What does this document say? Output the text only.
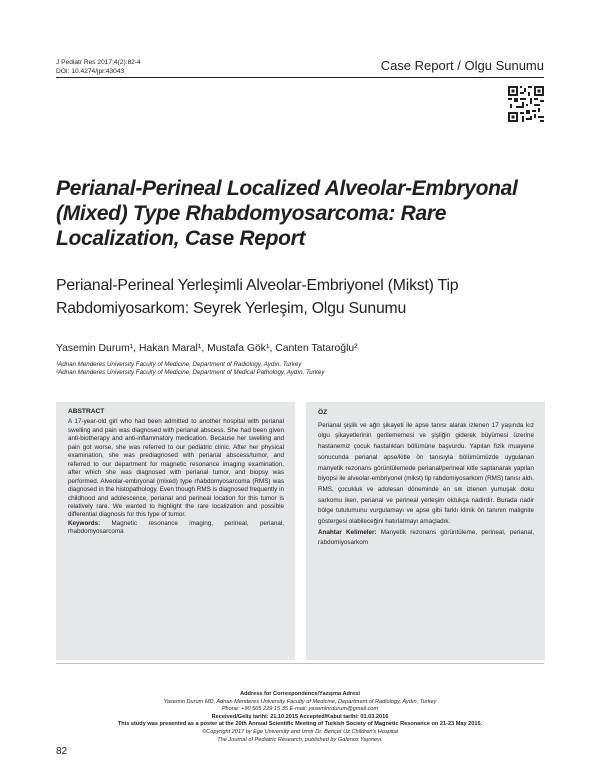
J Pediatr Res 2017;4(2):82-4
DOI: 10.4274/jpr.43043	Case Report / Olgu Sunumu
Perianal-Perineal Localized Alveolar-Embryonal (Mixed) Type Rhabdomyosarcoma: Rare Localization, Case Report
Perianal-Perineal Yerleşimli Alveolar-Embriyonel (Mikst) Tip Rabdomiyosarkom: Seyrek Yerleşim, Olgu Sunumu
Yasemin Durum¹, Hakan Maral¹, Mustafa Gök¹, Canten Tataroğlu²
¹Adnan Menderes University Faculty of Medicine, Department of Radiology, Aydın, Turkey
²Adnan Menderes University Faculty of Medicine, Department of Medical Pathology, Aydın, Turkey
ABSTRACT
A 17-year-old girl who had been admitted to another hospital with perianal swelling and pain was diagnosed with perianal abscess. She had been given anti-biotherapy and anti-inflammatory medication. Because her swelling and pain got worse, she was referred to our pediatric clinic. After her physical examination, she was prediagnosed with perianal abscess/tumor, and referred to our department for magnetic resonance imaging examination, after which she was diagnosed with perianal tumor, and biopsy was performed. Alveolar-embryonal (mixed) type rhabdomyosarcoma (RMS) was diagnosed in the histopathology. Even though RMS is diagnosed frequently in childhood and adolescence, perianal and perineal location for this tumor is relatively rare. We wanted to highlight the rare localization and possible differential diagnosis for this type of tumor.
Keywords: Magnetic resonance imaging, perineal, perianal, rhabdomyosarcoma
ÖZ
Perianal şişlik ve ağrı şikayeti ile apse tanısı alarak izlenen 17 yaşında kız olgu şikayetlerinin gerilememesi ve şişliğin giderek büyümesi üzerine hastanemiz çocuk hastalıkları bölümüne başvurdu. Yapılan fizik muayene sonucunda perianal apse/kitle ön tanısıyla bölümümüzde uygulanan manyetik rezonans görüntülemede perianal/perineal kitle saptanarak yapılan biyopsi ile alveolar-embriyonel (mikst) tip rabdomiyosarkom (RMS) tanısı aldı. RMS, çocukluk ve adolesan döneminde en sık izlenen yumuşak doku sarkomu iken, perianal ve perineal yerleşim oldukça nadirdir. Burada nadir bölge tutulumunu vurgulamayı ve apse gibi farklı klinik ön tanının malignite göstergesi olabileceğini hatırlatmayı amaçladık.
Anahtar Kelimeler: Manyetik rezonans görüntüleme, perineal, perianal, rabdomiyosarkom
Address for Correspondence/Yazışma Adresi
Yasemin Durum MD, Adnan Menderes University Faculty of Medicine, Department of Radiology, Aydın, Turkey
Phone: +90 505 229 15 35 E-mail: yaseminrdurum@gmail.com
Received/Geliş tarihi: 21.10.2015 Accepted/Kabul tarihi: 01.03.2016
This study was presented as a poster at the 20th Annual Scientific Meeting of Turkish Society of Magnetic Resonance on 21-23 May 2015.
©Copyright 2017 by Ege University and İzmir Dr. Behçet Uz Children's Hospital
The Journal of Pediatric Research, published by Galenos Yayınevi.
82
